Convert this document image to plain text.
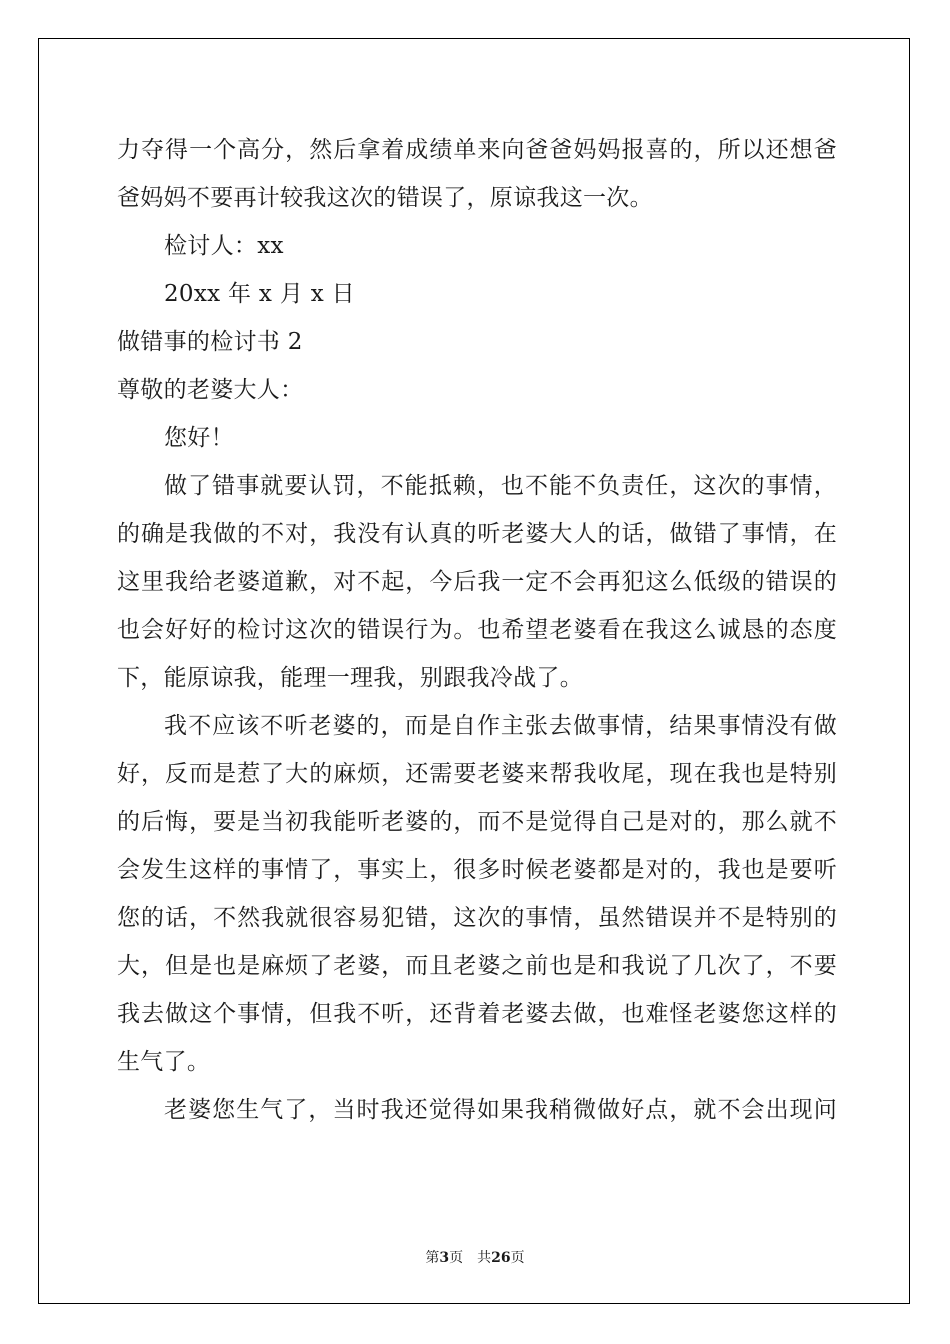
力夺得一个高分，然后拿着成绩单来向爸爸妈妈报喜的，所以还想爸
爸妈妈不要再计较我这次的错误了，原谅我这一次。
检讨人：xx
20xx 年 x 月 x 日
做错事的检讨书 2
尊敬的老婆大人：
您好！
做了错事就要认罚，不能抵赖，也不能不负责任，这次的事情，
的确是我做的不对，我没有认真的听老婆大人的话，做错了事情，在
这里我给老婆道歉，对不起，今后我一定不会再犯这么低级的错误的
也会好好的检讨这次的错误行为。也希望老婆看在我这么诚恳的态度
下，能原谅我，能理一理我，别跟我冷战了。
我不应该不听老婆的，而是自作主张去做事情，结果事情没有做
好，反而是惹了大的麻烦，还需要老婆来帮我收尾，现在我也是特别
的后悔，要是当初我能听老婆的，而不是觉得自己是对的，那么就不
会发生这样的事情了，事实上，很多时候老婆都是对的，我也是要听
您的话，不然我就很容易犯错，这次的事情，虽然错误并不是特别的
大，但是也是麻烦了老婆，而且老婆之前也是和我说了几次了，不要
我去做这个事情，但我不听，还背着老婆去做，也难怪老婆您这样的
生气了。
老婆您生气了，当时我还觉得如果我稍微做好点，就不会出现问
第3页 共26页
